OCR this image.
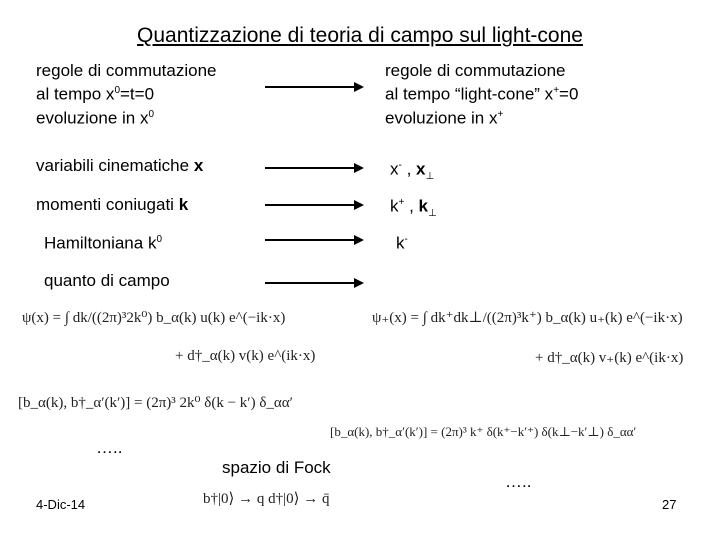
Quantizzazione di teoria di campo sul light-cone
regole di commutazione
al tempo $x^0=t=0$
evoluzione in $x^0$
regole di commutazione
al tempo “light-cone” x+=0
evoluzione in x+
variabili cinematiche x	x- , $x_\perp$
momenti coniugati k	k+ , $k_\perp$
Hamiltoniana $k^0$	k-
quanto di campo
ψ(x) = ∫ dk/((2π)³2k⁰) b_α(k) u(k) e^(−ik·x)
+ d†_α(k) v(k) e^(ik·x)
[b_α(k), b†_α′(k′)] = (2π)³ 2k⁰ δ(k − k′) δ_αα′
ψ₊(x) = ∫ dk⁺dk⊥/((2π)³k⁺) b_α(k) u₊(k) e^(−ik·x)
+ d†_α(k) v₊(k) e^(ik·x)
[b_α(k), b†_α′(k′)] = (2π)³ k⁺ δ(k⁺−k′⁺) δ(k⊥−k′⊥) δ_αα′
…..
…..
spazio di Fock
b†|0⟩ → q d†|0⟩ → q̄
4-Dic-14	27
